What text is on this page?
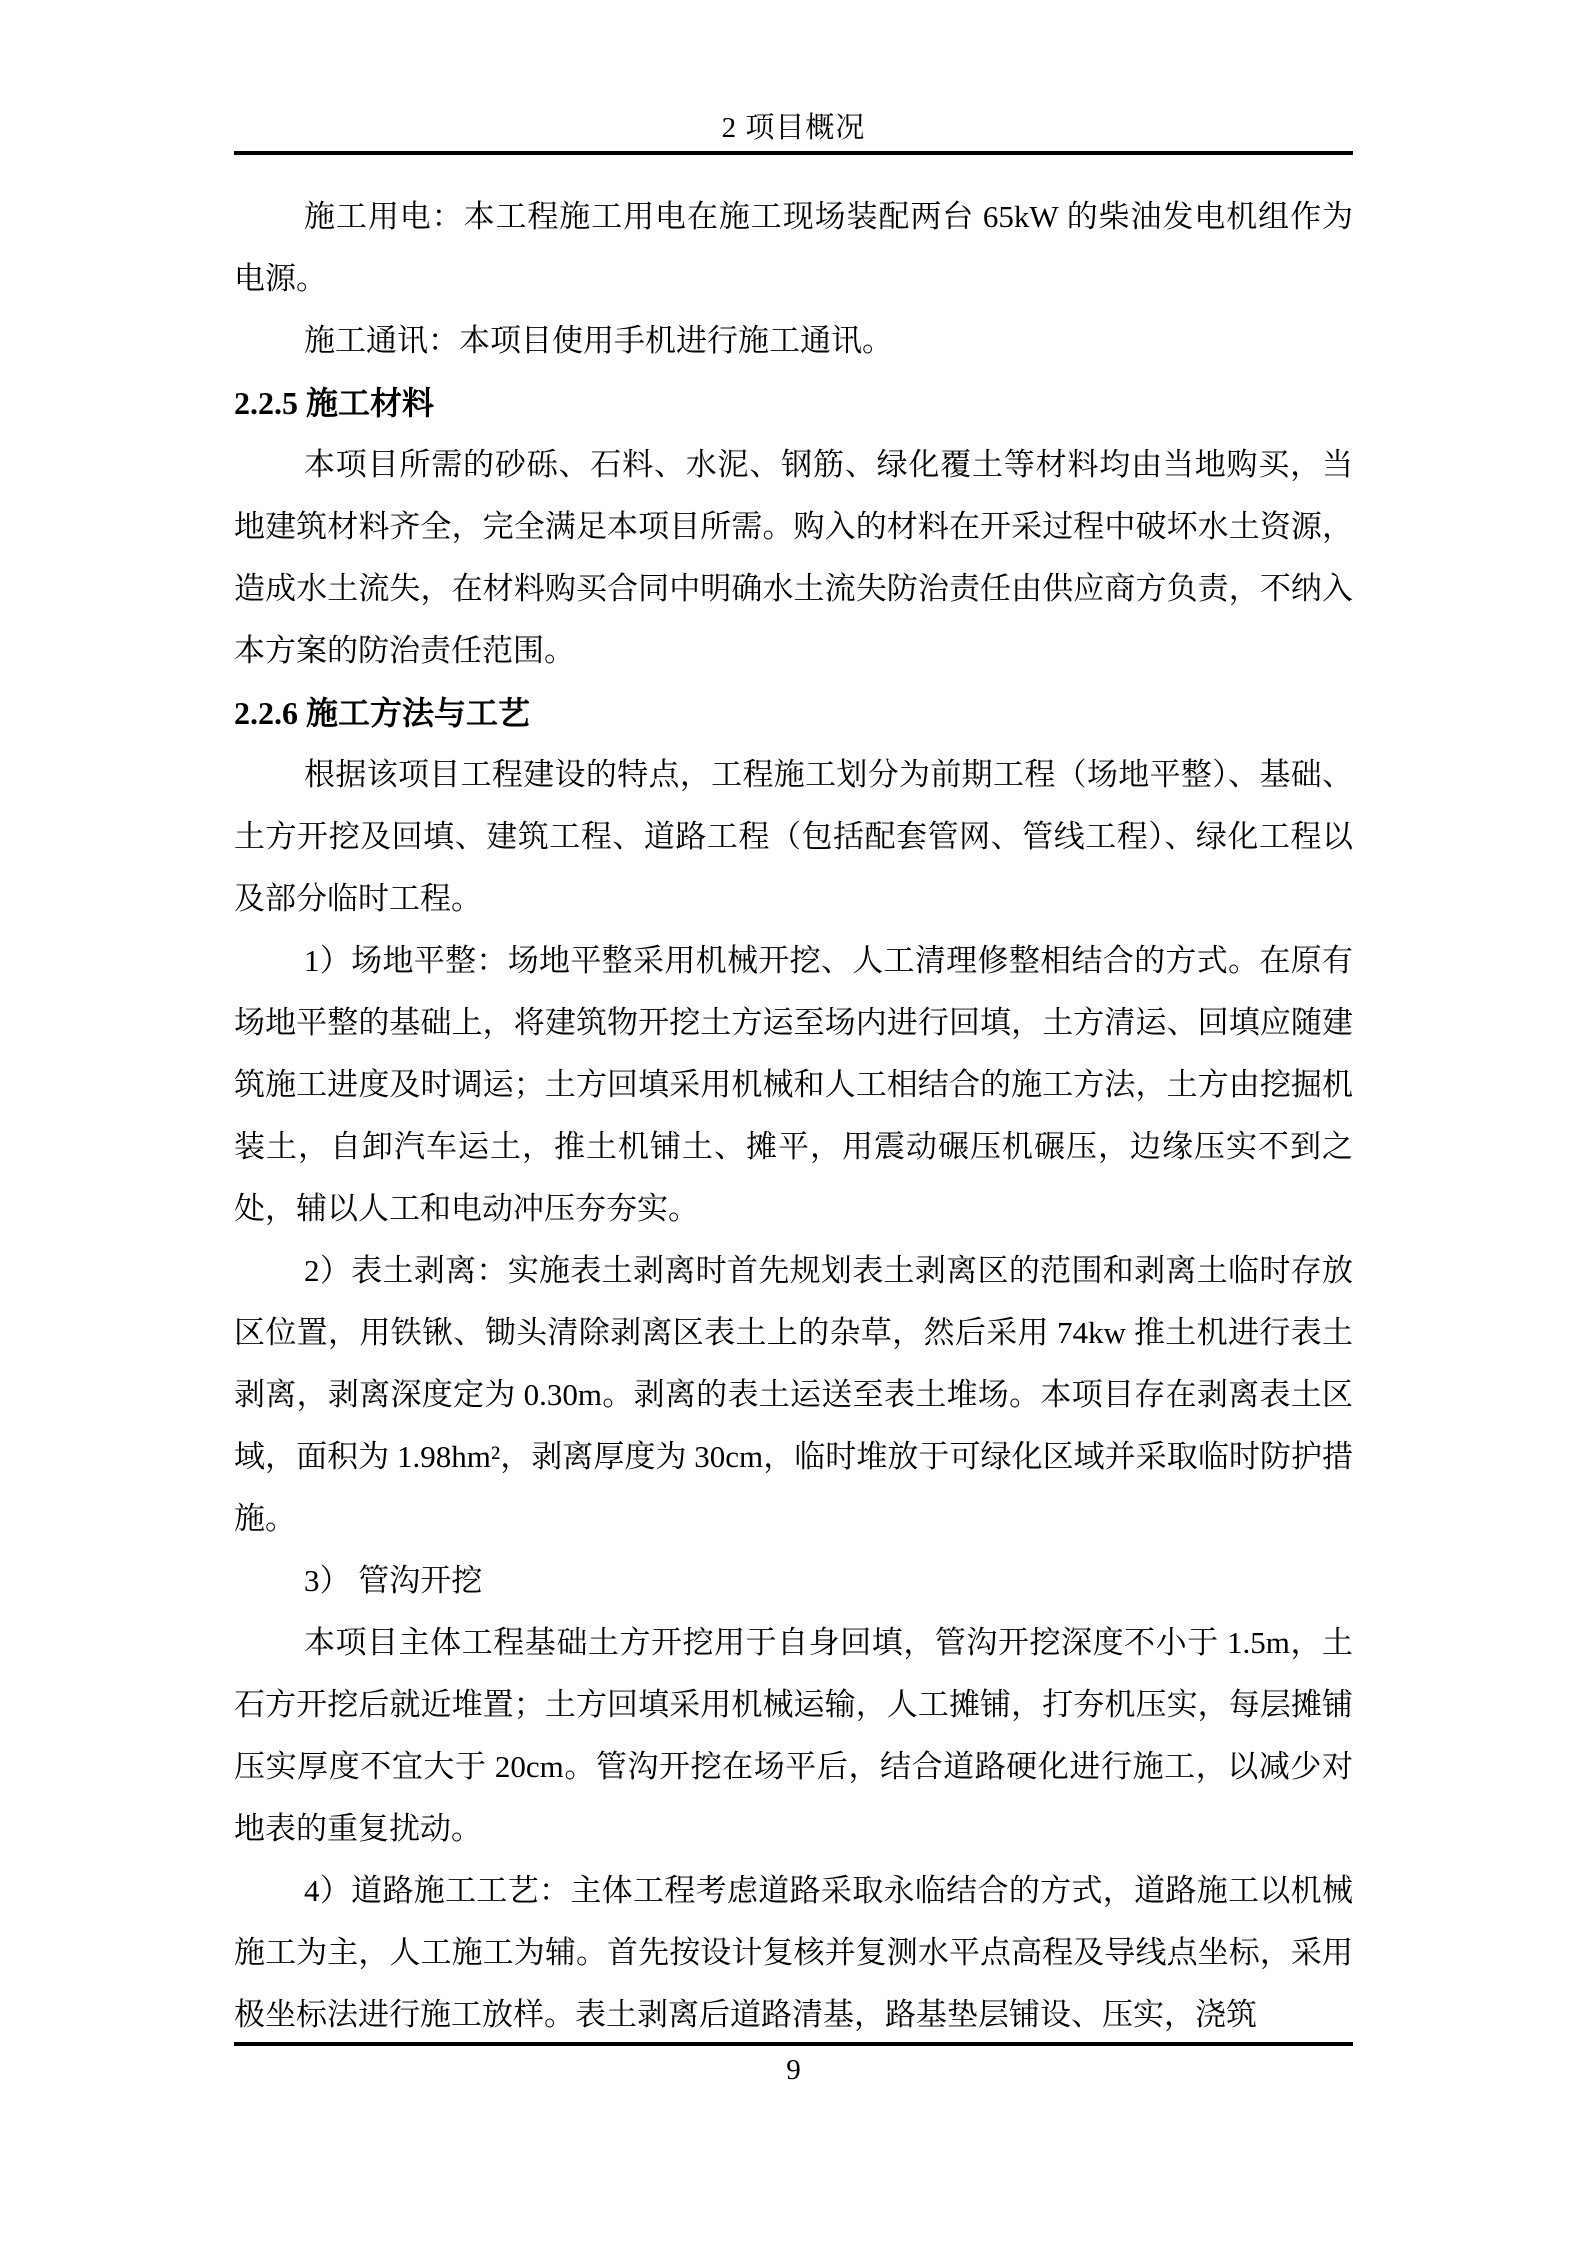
2 项目概况

施工用电：本工程施工用电在施工现场装配两台 65kW 的柴油发电机组作为电源。

施工通讯：本项目使用手机进行施工通讯。

2.2.5 施工材料

本项目所需的砂砾、石料、水泥、钢筋、绿化覆土等材料均由当地购买，当地建筑材料齐全，完全满足本项目所需。购入的材料在开采过程中破坏水土资源，造成水土流失，在材料购买合同中明确水土流失防治责任由供应商方负责，不纳入本方案的防治责任范围。

2.2.6 施工方法与工艺

根据该项目工程建设的特点，工程施工划分为前期工程（场地平整）、基础、土方开挖及回填、建筑工程、道路工程（包括配套管网、管线工程）、绿化工程以及部分临时工程。

1）场地平整：场地平整采用机械开挖、人工清理修整相结合的方式。在原有场地平整的基础上，将建筑物开挖土方运至场内进行回填，土方清运、回填应随建筑施工进度及时调运；土方回填采用机械和人工相结合的施工方法，土方由挖掘机装土，自卸汽车运土，推土机铺土、摊平，用震动碾压机碾压，边缘压实不到之处，辅以人工和电动冲压夯夯实。

2）表土剥离：实施表土剥离时首先规划表土剥离区的范围和剥离土临时存放区位置，用铁锹、锄头清除剥离区表土上的杂草，然后采用 74kw 推土机进行表土剥离，剥离深度定为 0.30m。剥离的表土运送至表土堆场。本项目存在剥离表土区域，面积为 1.98hm²，剥离厚度为 30cm，临时堆放于可绿化区域并采取临时防护措施。

3） 管沟开挖

本项目主体工程基础土方开挖用于自身回填，管沟开挖深度不小于 1.5m，土石方开挖后就近堆置；土方回填采用机械运输，人工摊铺，打夯机压实，每层摊铺压实厚度不宜大于 20cm。管沟开挖在场平后，结合道路硬化进行施工，以减少对地表的重复扰动。

4）道路施工工艺：主体工程考虑道路采取永临结合的方式，道路施工以机械施工为主，人工施工为辅。首先按设计复核并复测水平点高程及导线点坐标，采用极坐标法进行施工放样。表土剥离后道路清基，路基垫层铺设、压实，浇筑

9
